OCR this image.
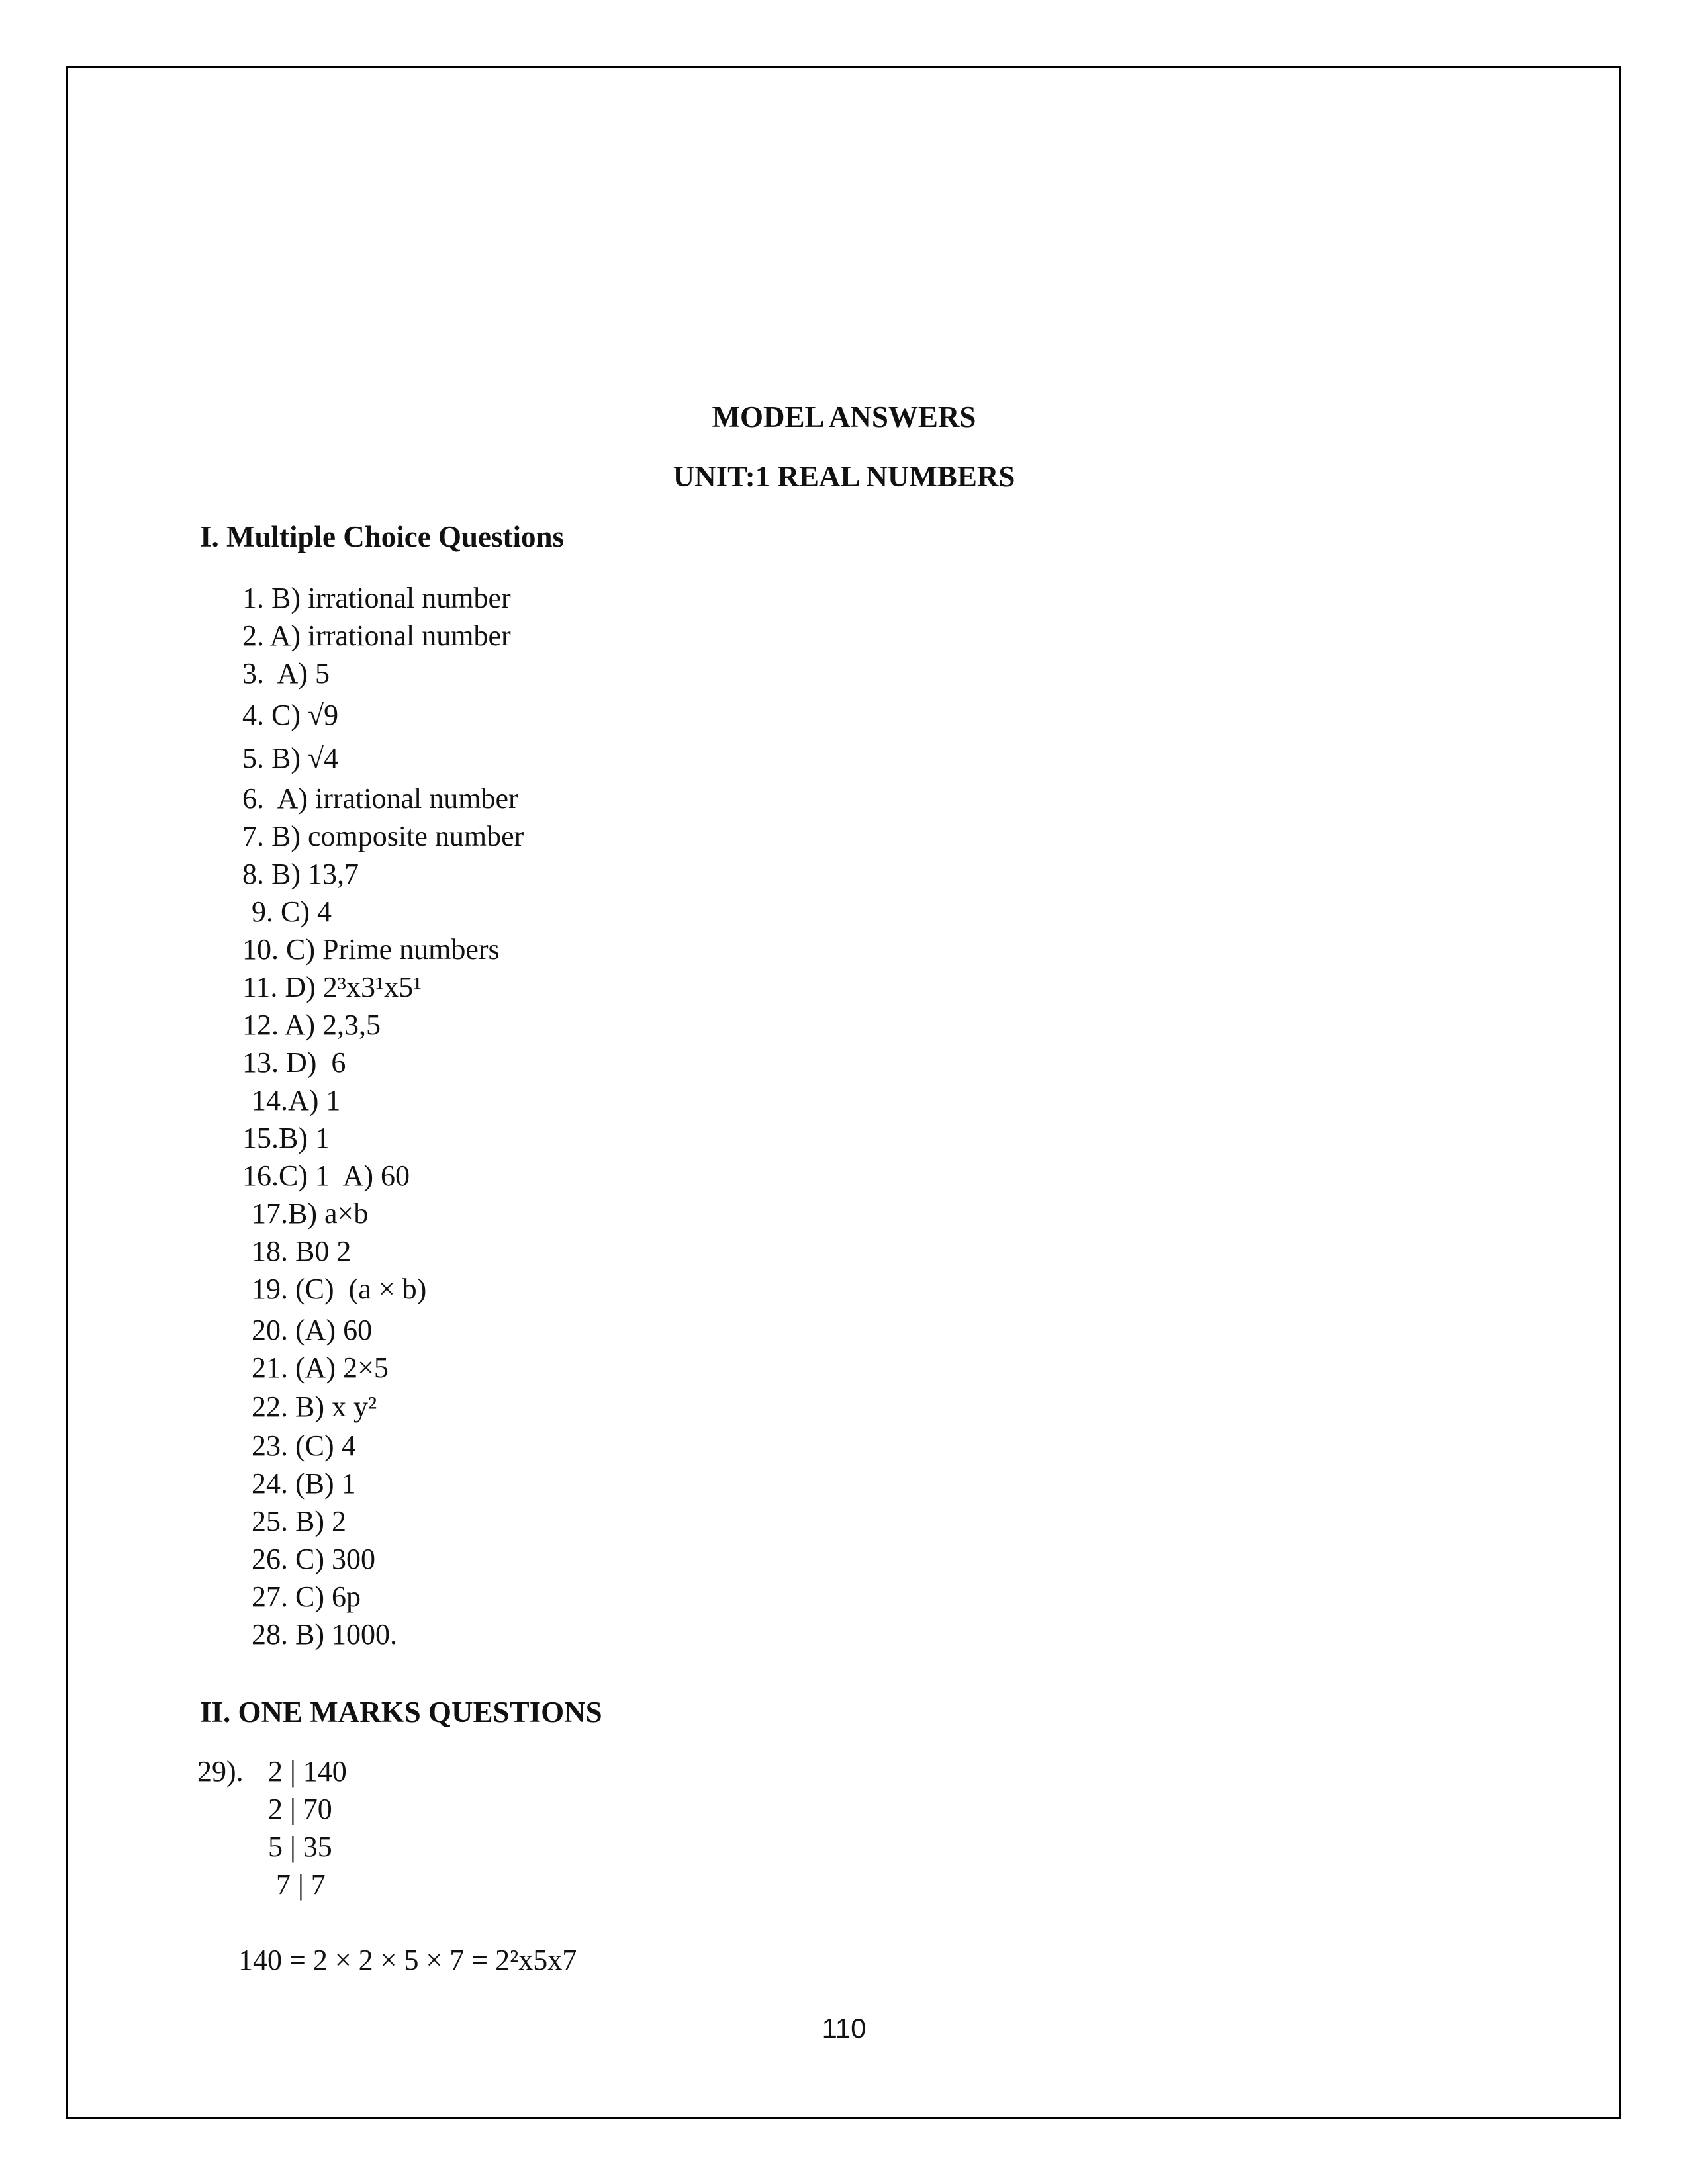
MODEL ANSWERS
UNIT:1 REAL NUMBERS
I. Multiple Choice Questions
1. B) irrational number
2. A) irrational number
3.  A) 5
4. C) √9
5. B) √4
6.  A) irrational number
7. B) composite number
8. B) 13,7
9. C) 4
10. C) Prime numbers
11. D) 2³x3¹x5¹
12. A) 2,3,5
13. D)  6
14.A) 1
15.B) 1
16.C) 1  A) 60
17.B) a×b
18. B0 2
19. (C)  (a × b)
20. (A) 60
21. (A) 2×5
22. B) x y²
23. (C) 4
24. (B) 1
25. B) 2
26. C) 300
27. C) 6p
28. B) 1000.
II. ONE MARKS QUESTIONS
29). 2 | 140
2 | 70
5 | 35
7 | 7
140 = 2 × 2 × 5 × 7 = 2²x5x7
110
